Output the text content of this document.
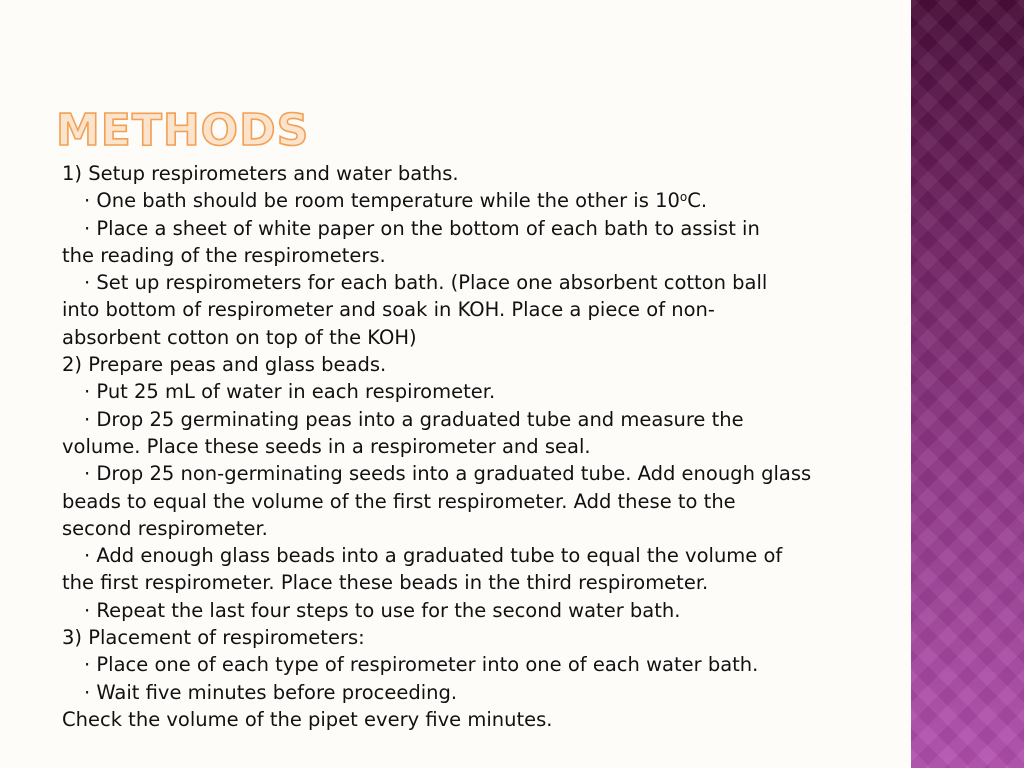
METHODS
1) Setup respirometers and water baths.
· One bath should be room temperature while the other is $10^oC$.
· Place a sheet of white paper on the bottom of each bath to assist in
the reading of the respirometers.
· Set up respirometers for each bath. (Place one absorbent cotton ball
into bottom of respirometer and soak in KOH. Place a piece of non-
absorbent cotton on top of the KOH)
2) Prepare peas and glass beads.
· Put 25 mL of water in each respirometer.
· Drop 25 germinating peas into a graduated tube and measure the
volume. Place these seeds in a respirometer and seal.
· Drop 25 non-germinating seeds into a graduated tube. Add enough glass
beads to equal the volume of the first respirometer. Add these to the
second respirometer.
· Add enough glass beads into a graduated tube to equal the volume of
the first respirometer. Place these beads in the third respirometer.
· Repeat the last four steps to use for the second water bath.
3) Placement of respirometers:
· Place one of each type of respirometer into one of each water bath.
· Wait five minutes before proceeding.
Check the volume of the pipet every five minutes.
